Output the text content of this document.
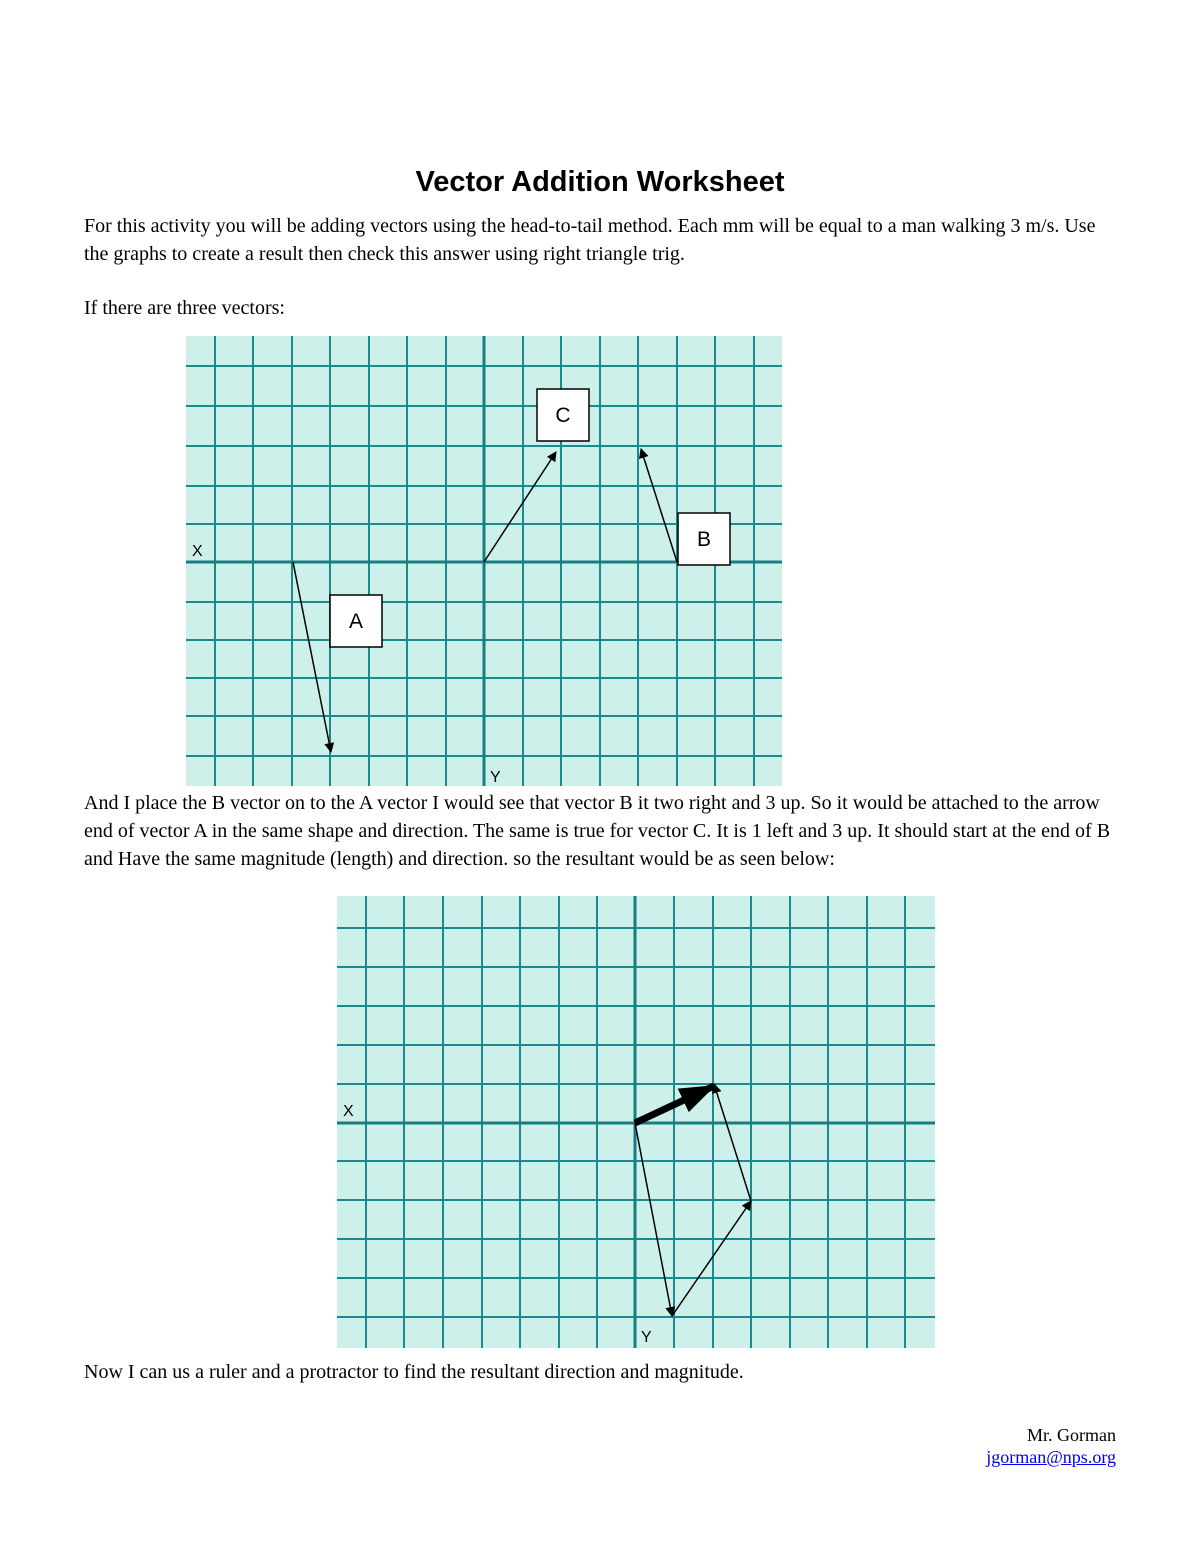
Vector Addition Worksheet

For this activity you will be adding vectors using the head-to-tail method. Each mm will be equal to a man walking 3 m/s. Use the graphs to create a result then check this answer using right triangle trig.

If there are three vectors:

X
Y
A
B
C

And I place the B vector on to the A vector I would see that vector B it two right and 3 up. So it would be attached to the arrow end of vector A in the same shape and direction. The same is true for vector C. It is 1 left and 3 up. It should start at the end of B and Have the same magnitude (length) and direction. so the resultant would be as seen below:

X
Y

Now I can us a ruler and a protractor to find the resultant direction and magnitude.

Mr. Gorman
jgorman@nps.org
